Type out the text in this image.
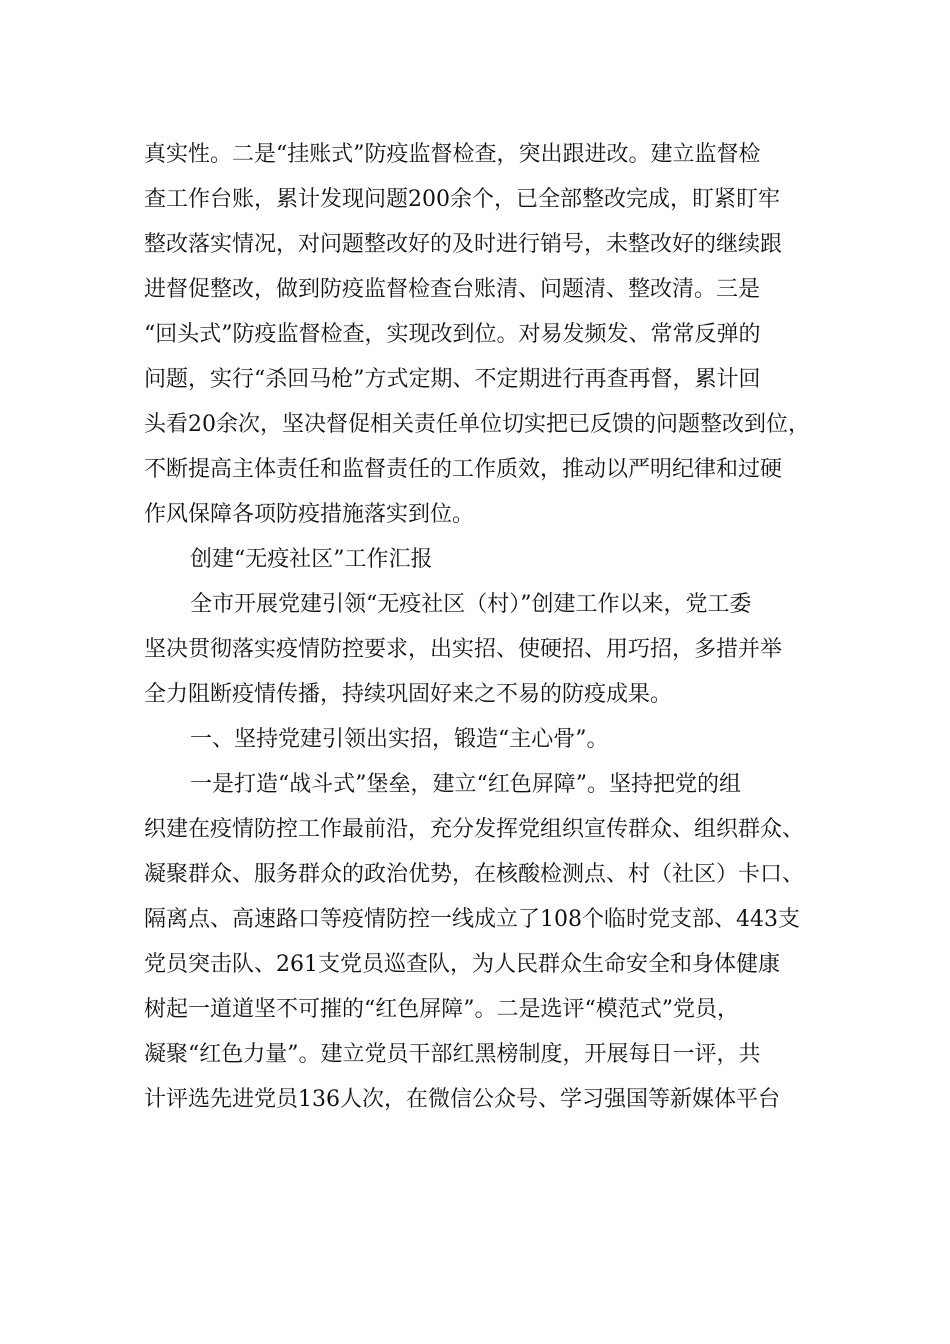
真实性。二是“挂账式”防疫监督检查，突出跟进改。建立监督检
查工作台账，累计发现问题200余个，已全部整改完成，盯紧盯牢
整改落实情况，对问题整改好的及时进行销号，未整改好的继续跟
进督促整改，做到防疫监督检查台账清、问题清、整改清。三是
“回头式”防疫监督检查，实现改到位。对易发频发、常常反弹的
问题，实行“杀回马枪”方式定期、不定期进行再查再督，累计回
头看20余次，坚决督促相关责任单位切实把已反馈的问题整改到位，
不断提高主体责任和监督责任的工作质效，推动以严明纪律和过硬
作风保障各项防疫措施落实到位。
创建“无疫社区”工作汇报
全市开展党建引领“无疫社区（村）”创建工作以来，党工委
坚决贯彻落实疫情防控要求，出实招、使硬招、用巧招，多措并举
全力阻断疫情传播，持续巩固好来之不易的防疫成果。
一、坚持党建引领出实招，锻造“主心骨”。
一是打造“战斗式”堡垒，建立“红色屏障”。坚持把党的组
织建在疫情防控工作最前沿，充分发挥党组织宣传群众、组织群众、
凝聚群众、服务群众的政治优势，在核酸检测点、村（社区）卡口、
隔离点、高速路口等疫情防控一线成立了108个临时党支部、443支
党员突击队、261支党员巡查队，为人民群众生命安全和身体健康
树起一道道坚不可摧的“红色屏障”。二是选评“模范式”党员，
凝聚“红色力量”。建立党员干部红黑榜制度，开展每日一评，共
计评选先进党员136人次，在微信公众号、学习强国等新媒体平台
